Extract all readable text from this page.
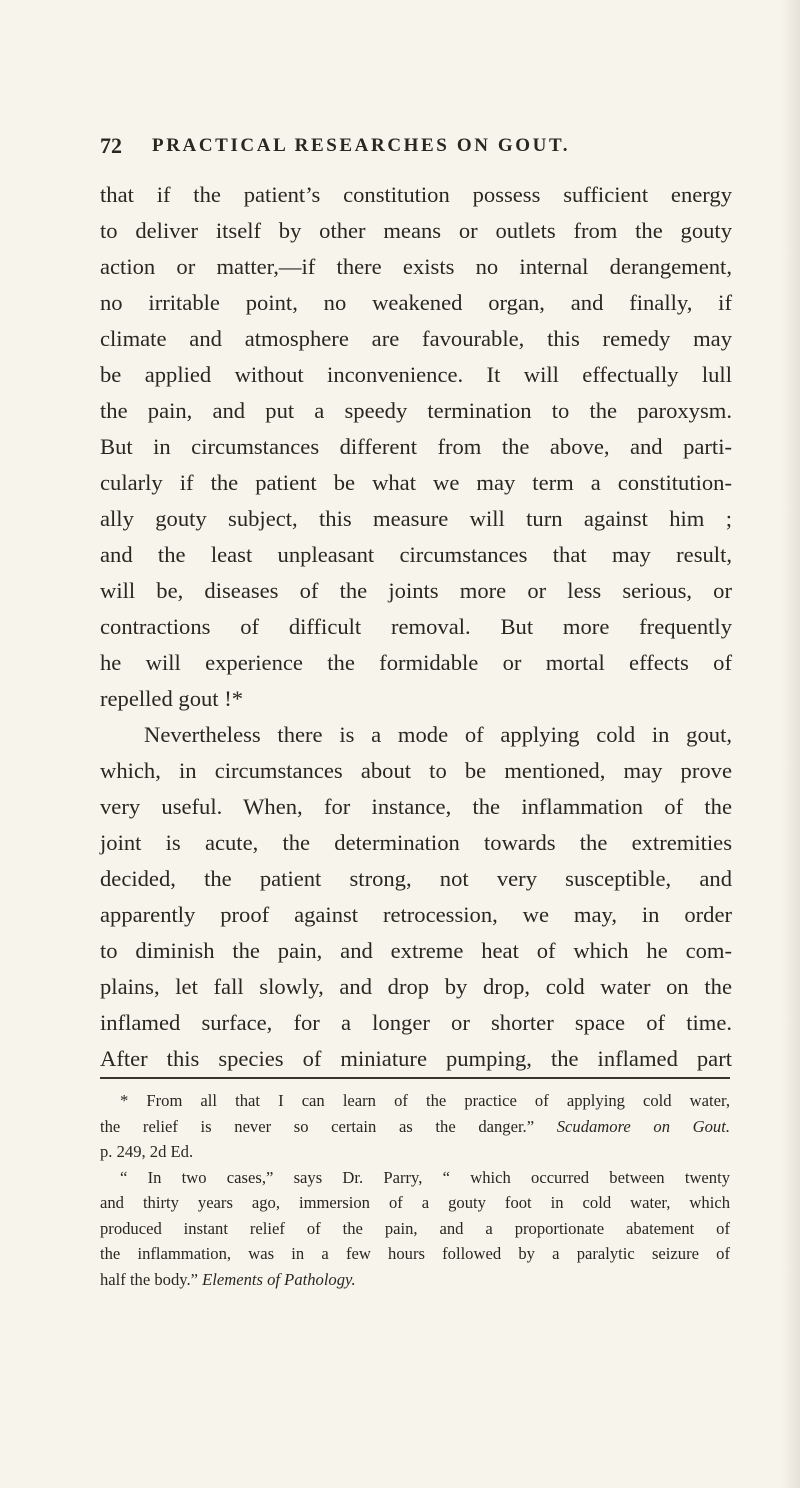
72 PRACTICAL RESEARCHES ON GOUT.
that if the patient’s constitution possess sufficient energy
to deliver itself by other means or outlets from the gouty
action or matter,—if there exists no internal derangement,
no irritable point, no weakened organ, and finally, if
climate and atmosphere are favourable, this remedy may
be applied without inconvenience. It will effectually lull
the pain, and put a speedy termination to the paroxysm.
But in circumstances different from the above, and parti-
cularly if the patient be what we may term a constitution-
ally gouty subject, this measure will turn against him ;
and the least unpleasant circumstances that may result,
will be, diseases of the joints more or less serious, or
contractions of difficult removal. But more frequently
he will experience the formidable or mortal effects of
repelled gout !*
Nevertheless there is a mode of applying cold in gout,
which, in circumstances about to be mentioned, may prove
very useful. When, for instance, the inflammation of the
joint is acute, the determination towards the extremities
decided, the patient strong, not very susceptible, and
apparently proof against retrocession, we may, in order
to diminish the pain, and extreme heat of which he com-
plains, let fall slowly, and drop by drop, cold water on the
inflamed surface, for a longer or shorter space of time.
After this species of miniature pumping, the inflamed part
* From all that I can learn of the practice of applying cold water,
the relief is never so certain as the danger.” Scudamore on Gout.
p. 249, 2d Ed.
“ In two cases,” says Dr. Parry, “ which occurred between twenty
and thirty years ago, immersion of a gouty foot in cold water, which
produced instant relief of the pain, and a proportionate abatement of
the inflammation, was in a few hours followed by a paralytic seizure of
half the body.” Elements of Pathology.
